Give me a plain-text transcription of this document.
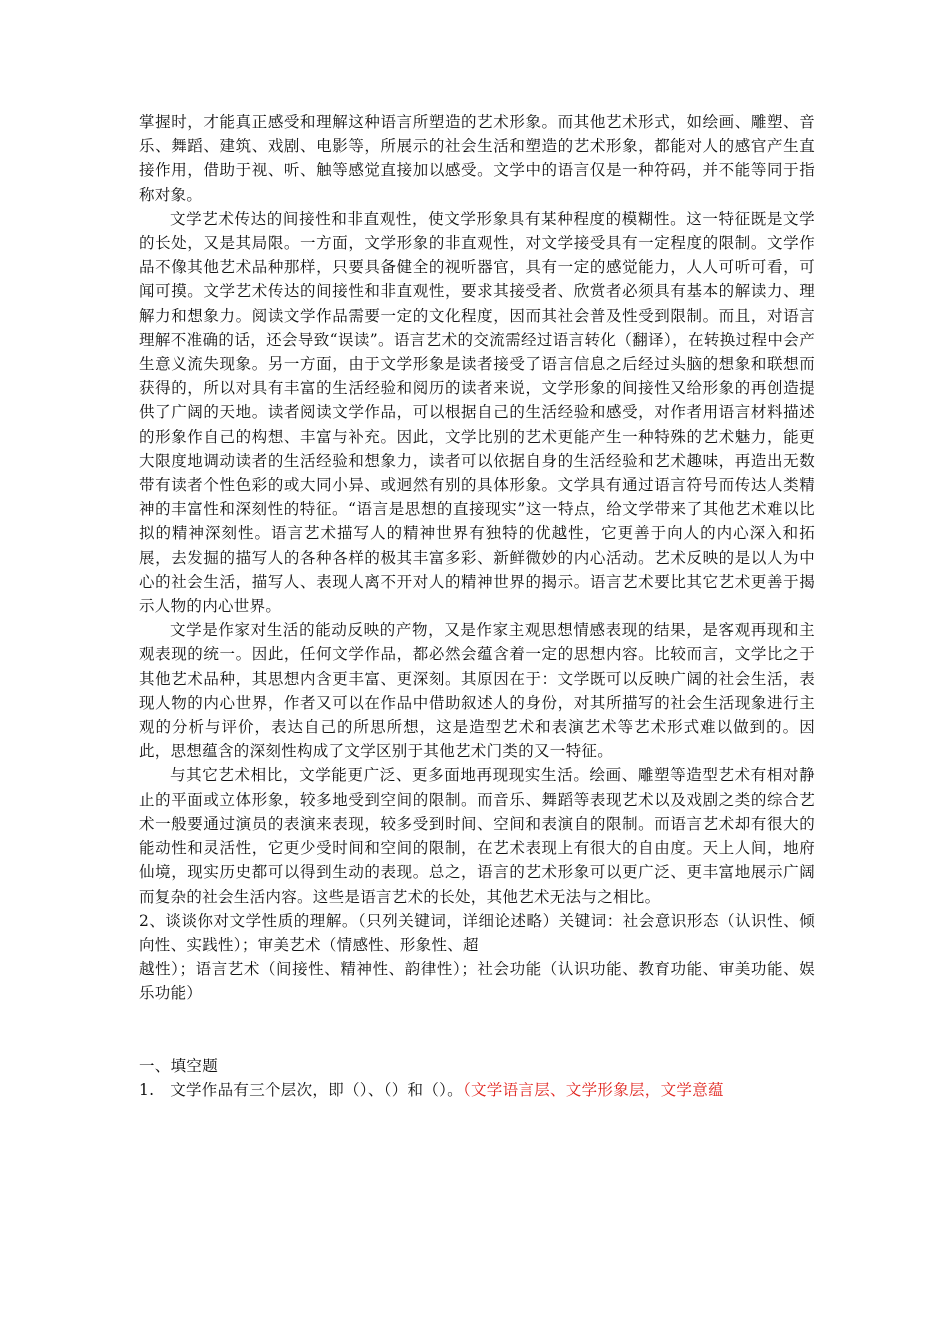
掌握时，才能真正感受和理解这种语言所塑造的艺术形象。而其他艺术形式，如绘画、雕塑、音乐、舞蹈、建筑、戏剧、电影等，所展示的社会生活和塑造的艺术形象，都能对人的感官产生直接作用，借助于视、听、触等感觉直接加以感受。文学中的语言仅是一种符码，并不能等同于指称对象。

文学艺术传达的间接性和非直观性，使文学形象具有某种程度的模糊性。这一特征既是文学的长处，又是其局限。一方面，文学形象的非直观性，对文学接受具有一定程度的限制。文学作品不像其他艺术品种那样，只要具备健全的视听器官，具有一定的感觉能力，人人可听可看，可闻可摸。文学艺术传达的间接性和非直观性，要求其接受者、欣赏者必须具有基本的解读力、理解力和想象力。阅读文学作品需要一定的文化程度，因而其社会普及性受到限制。而且，对语言理解不准确的话，还会导致“误读”。语言艺术的交流需经过语言转化（翻译），在转换过程中会产生意义流失现象。另一方面，由于文学形象是读者接受了语言信息之后经过头脑的想象和联想而获得的，所以对具有丰富的生活经验和阅历的读者来说，文学形象的间接性又给形象的再创造提供了广阔的天地。读者阅读文学作品，可以根据自己的生活经验和感受，对作者用语言材料描述的形象作自己的构想、丰富与补充。因此，文学比别的艺术更能产生一种特殊的艺术魅力，能更大限度地调动读者的生活经验和想象力，读者可以依据自身的生活经验和艺术趣味，再造出无数带有读者个性色彩的或大同小异、或迥然有别的具体形象。文学具有通过语言符号而传达人类精神的丰富性和深刻性的特征。“语言是思想的直接现实”这一特点，给文学带来了其他艺术难以比拟的精神深刻性。语言艺术描写人的精神世界有独特的优越性，它更善于向人的内心深入和拓展，去发掘的描写人的各种各样的极其丰富多彩、新鲜微妙的内心活动。艺术反映的是以人为中心的社会生活，描写人、表现人离不开对人的精神世界的揭示。语言艺术要比其它艺术更善于揭示人物的内心世界。

文学是作家对生活的能动反映的产物，又是作家主观思想情感表现的结果，是客观再现和主观表现的统一。因此，任何文学作品，都必然会蕴含着一定的思想内容。比较而言，文学比之于其他艺术品种，其思想内含更丰富、更深刻。其原因在于：文学既可以反映广阔的社会生活，表现人物的内心世界，作者又可以在作品中借助叙述人的身份，对其所描写的社会生活现象进行主观的分析与评价，表达自己的所思所想，这是造型艺术和表演艺术等艺术形式难以做到的。因此，思想蕴含的深刻性构成了文学区别于其他艺术门类的又一特征。

与其它艺术相比，文学能更广泛、更多面地再现现实生活。绘画、雕塑等造型艺术有相对静止的平面或立体形象，较多地受到空间的限制。而音乐、舞蹈等表现艺术以及戏剧之类的综合艺术一般要通过演员的表演来表现，较多受到时间、空间和表演自的限制。而语言艺术却有很大的能动性和灵活性，它更少受时间和空间的限制，在艺术表现上有很大的自由度。天上人间，地府仙境，现实历史都可以得到生动的表现。总之，语言的艺术形象可以更广泛、更丰富地展示广阔而复杂的社会生活内容。这些是语言艺术的长处，其他艺术无法与之相比。

2、谈谈你对文学性质的理解。（只列关键词，详细论述略）关键词：社会意识形态（认识性、倾向性、实践性）；审美艺术（情感性、形象性、超

越性）；语言艺术（间接性、精神性、韵律性）；社会功能（认识功能、教育功能、审美功能、娱乐功能）

一、填空题

1.　文学作品有三个层次，即（）、（）和（）。（文学语言层、文学形象层，文学意蕴
